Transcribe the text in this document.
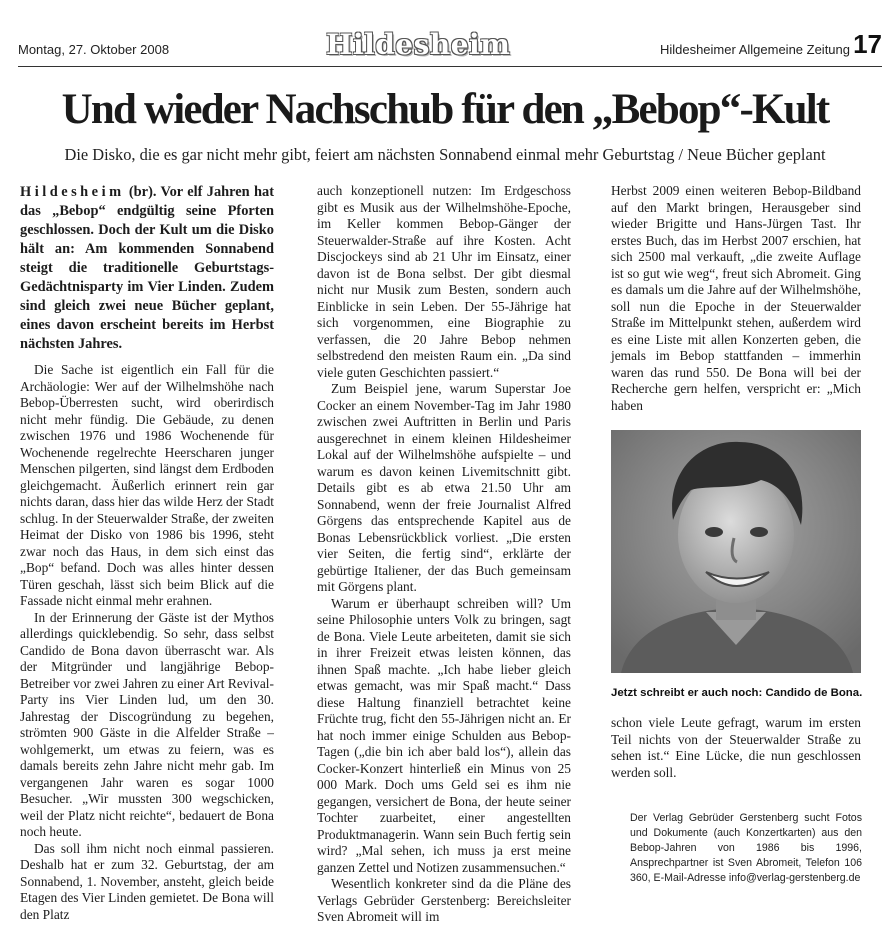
Montag, 27. Oktober 2008	Hildesheim	Hildesheimer Allgemeine Zeitung 17
Und wieder Nachschub für den „Bebop“-Kult

Die Disko, die es gar nicht mehr gibt, feiert am nächsten Sonnabend einmal mehr Geburtstag / Neue Bücher geplant

Hildesheim (br). Vor elf Jahren hat das „Bebop“ endgültig seine Pforten geschlossen. Doch der Kult um die Disko hält an: Am kommenden Sonnabend steigt die traditionelle Geburtstags-Gedächtnisparty im Vier Linden. Zudem sind gleich zwei neue Bücher geplant, eines davon erscheint bereits im Herbst nächsten Jahres.

Die Sache ist eigentlich ein Fall für die Archäologie: Wer auf der Wilhelmshöhe nach Bebop-Überresten sucht, wird oberirdisch nicht mehr fündig. Die Gebäude, zu denen zwischen 1976 und 1986 Wochenende für Wochenende regelrechte Heerscharen junger Menschen pilgerten, sind längst dem Erdboden gleichgemacht. Äußerlich erinnert rein gar nichts daran, dass hier das wilde Herz der Stadt schlug. In der Steuerwalder Straße, der zweiten Heimat der Disko von 1986 bis 1996, steht zwar noch das Haus, in dem sich einst das „Bop“ befand. Doch was alles hinter dessen Türen geschah, lässt sich beim Blick auf die Fassade nicht einmal mehr erahnen.

In der Erinnerung der Gäste ist der Mythos allerdings quicklebendig. So sehr, dass selbst Candido de Bona davon überrascht war. Als der Mitgründer und langjährige Bebop-Betreiber vor zwei Jahren zu einer Art Revival-Party ins Vier Linden lud, um den 30. Jahrestag der Discogründung zu begehen, strömten 900 Gäste in die Alfelder Straße – wohlgemerkt, um etwas zu feiern, was es damals bereits zehn Jahre nicht mehr gab. Im vergangenen Jahr waren es sogar 1000 Besucher. „Wir mussten 300 wegschicken, weil der Platz nicht reichte“, bedauert de Bona noch heute.

Das soll ihm nicht noch einmal passieren. Deshalb hat er zum 32. Geburtstag, der am Sonnabend, 1. November, ansteht, gleich beide Etagen des Vier Linden gemietet. De Bona will den Platz

auch konzeptionell nutzen: Im Erdgeschoss gibt es Musik aus der Wilhelmshöhe-Epoche, im Keller kommen Bebop-Gänger der Steuerwalder-Straße auf ihre Kosten. Acht Discjockeys sind ab 21 Uhr im Einsatz, einer davon ist de Bona selbst. Der gibt diesmal nicht nur Musik zum Besten, sondern auch Einblicke in sein Leben. Der 55-Jährige hat sich vorgenommen, eine Biographie zu verfassen, die 20 Jahre Bebop nehmen selbstredend den meisten Raum ein. „Da sind viele guten Geschichten passiert.“

Zum Beispiel jene, warum Superstar Joe Cocker an einem November-Tag im Jahr 1980 zwischen zwei Auftritten in Berlin und Paris ausgerechnet in einem kleinen Hildesheimer Lokal auf der Wilhelmshöhe aufspielte – und warum es davon keinen Livemitschnitt gibt. Details gibt es ab etwa 21.50 Uhr am Sonnabend, wenn der freie Journalist Alfred Görgens das entsprechende Kapitel aus de Bonas Lebensrückblick vorliest. „Die ersten vier Seiten, die fertig sind“, erklärte der gebürtige Italiener, der das Buch gemeinsam mit Görgens plant.

Warum er überhaupt schreiben will? Um seine Philosophie unters Volk zu bringen, sagt de Bona. Viele Leute arbeiteten, damit sie sich in ihrer Freizeit etwas leisten können, das ihnen Spaß machte. „Ich habe lieber gleich etwas gemacht, was mir Spaß macht.“ Dass diese Haltung finanziell betrachtet keine Früchte trug, ficht den 55-Jährigen nicht an. Er hat noch immer einige Schulden aus Bebop-Tagen („die bin ich aber bald los“), allein das Cocker-Konzert hinterließ ein Minus von 25 000 Mark. Doch ums Geld sei es ihm nie gegangen, versichert de Bona, der heute seiner Tochter zuarbeitet, einer angestellten Produktmanagerin. Wann sein Buch fertig sein wird? „Mal sehen, ich muss ja erst meine ganzen Zettel und Notizen zusammensuchen.“

Wesentlich konkreter sind da die Pläne des Verlags Gebrüder Gerstenberg: Bereichsleiter Sven Abromeit will im

Herbst 2009 einen weiteren Bebop-Bildband auf den Markt bringen, Herausgeber sind wieder Brigitte und Hans-Jürgen Tast. Ihr erstes Buch, das im Herbst 2007 erschien, hat sich 2500 mal verkauft, „die zweite Auflage ist so gut wie weg“, freut sich Abromeit. Ging es damals um die Jahre auf der Wilhelmshöhe, soll nun die Epoche in der Steuerwalder Straße im Mittelpunkt stehen, außerdem wird es eine Liste mit allen Konzerten geben, die jemals im Bebop stattfanden – immerhin waren das rund 550. De Bona will bei der Recherche gern helfen, verspricht er: „Mich haben

Jetzt schreibt er auch noch: Candido de Bona.

schon viele Leute gefragt, warum im ersten Teil nichts von der Steuerwalder Straße zu sehen ist.“ Eine Lücke, die nun geschlossen werden soll.

Der Verlag Gebrüder Gerstenberg sucht Fotos und Dokumente (auch Konzertkarten) aus den Bebop-Jahren von 1986 bis 1996, Ansprechpartner ist Sven Abromeit, Telefon 106 360, E-Mail-Adresse info@verlag-gerstenberg.de
